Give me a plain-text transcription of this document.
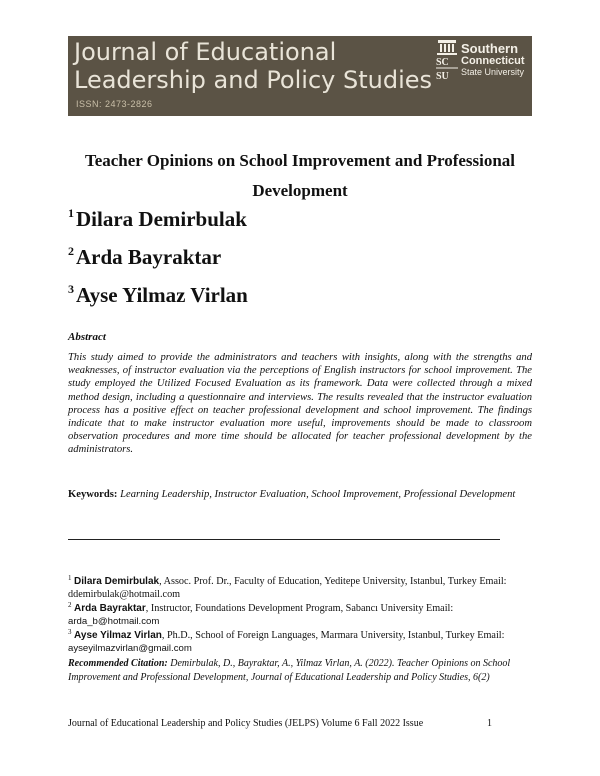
Journal of Educational
Leadership and Policy Studies
ISSN: 2473-2826
SC
SU
Southern
Connecticut
State University
Teacher Opinions on School Improvement and Professional
Development
$^1$Dilara Demirbulak
$^2$Arda Bayraktar
$^3$Ayse Yilmaz Virlan
Abstract
This study aimed to provide the administrators and teachers with insights, along with the strengths and weaknesses, of instructor evaluation via the perceptions of English instructors for school improvement. The study employed the Utilized Focused Evaluation as its framework. Data were collected through a mixed method design, including a questionnaire and interviews. The results revealed that the instructor evaluation process has a positive effect on teacher professional development and school improvement. The findings indicate that to make instructor evaluation more useful, improvements should be made to classroom observation procedures and more time should be allocated for teacher professional development by the administrators.
Keywords: Learning Leadership, Instructor Evaluation, School Improvement, Professional Development
$^1$ Dilara Demirbulak, Assoc. Prof. Dr., Faculty of Education, Yeditepe University, Istanbul, Turkey Email: ddemirbulak@hotmail.com
$^2$ Arda Bayraktar, Instructor, Foundations Development Program, Sabancı University Email: arda_b@hotmail.com
$^3$ Ayse Yilmaz Virlan, Ph.D., School of Foreign Languages, Marmara University, Istanbul, Turkey Email: ayseyilmazvirlan@gmail.com
Recommended Citation: Demirbulak, D., Bayraktar, A., Yilmaz Virlan, A. (2022). Teacher Opinions on School Improvement and Professional Development, Journal of Educational Leadership and Policy Studies, 6(2)
Journal of Educational Leadership and Policy Studies (JELPS) Volume 6 Fall 2022 Issue	1
